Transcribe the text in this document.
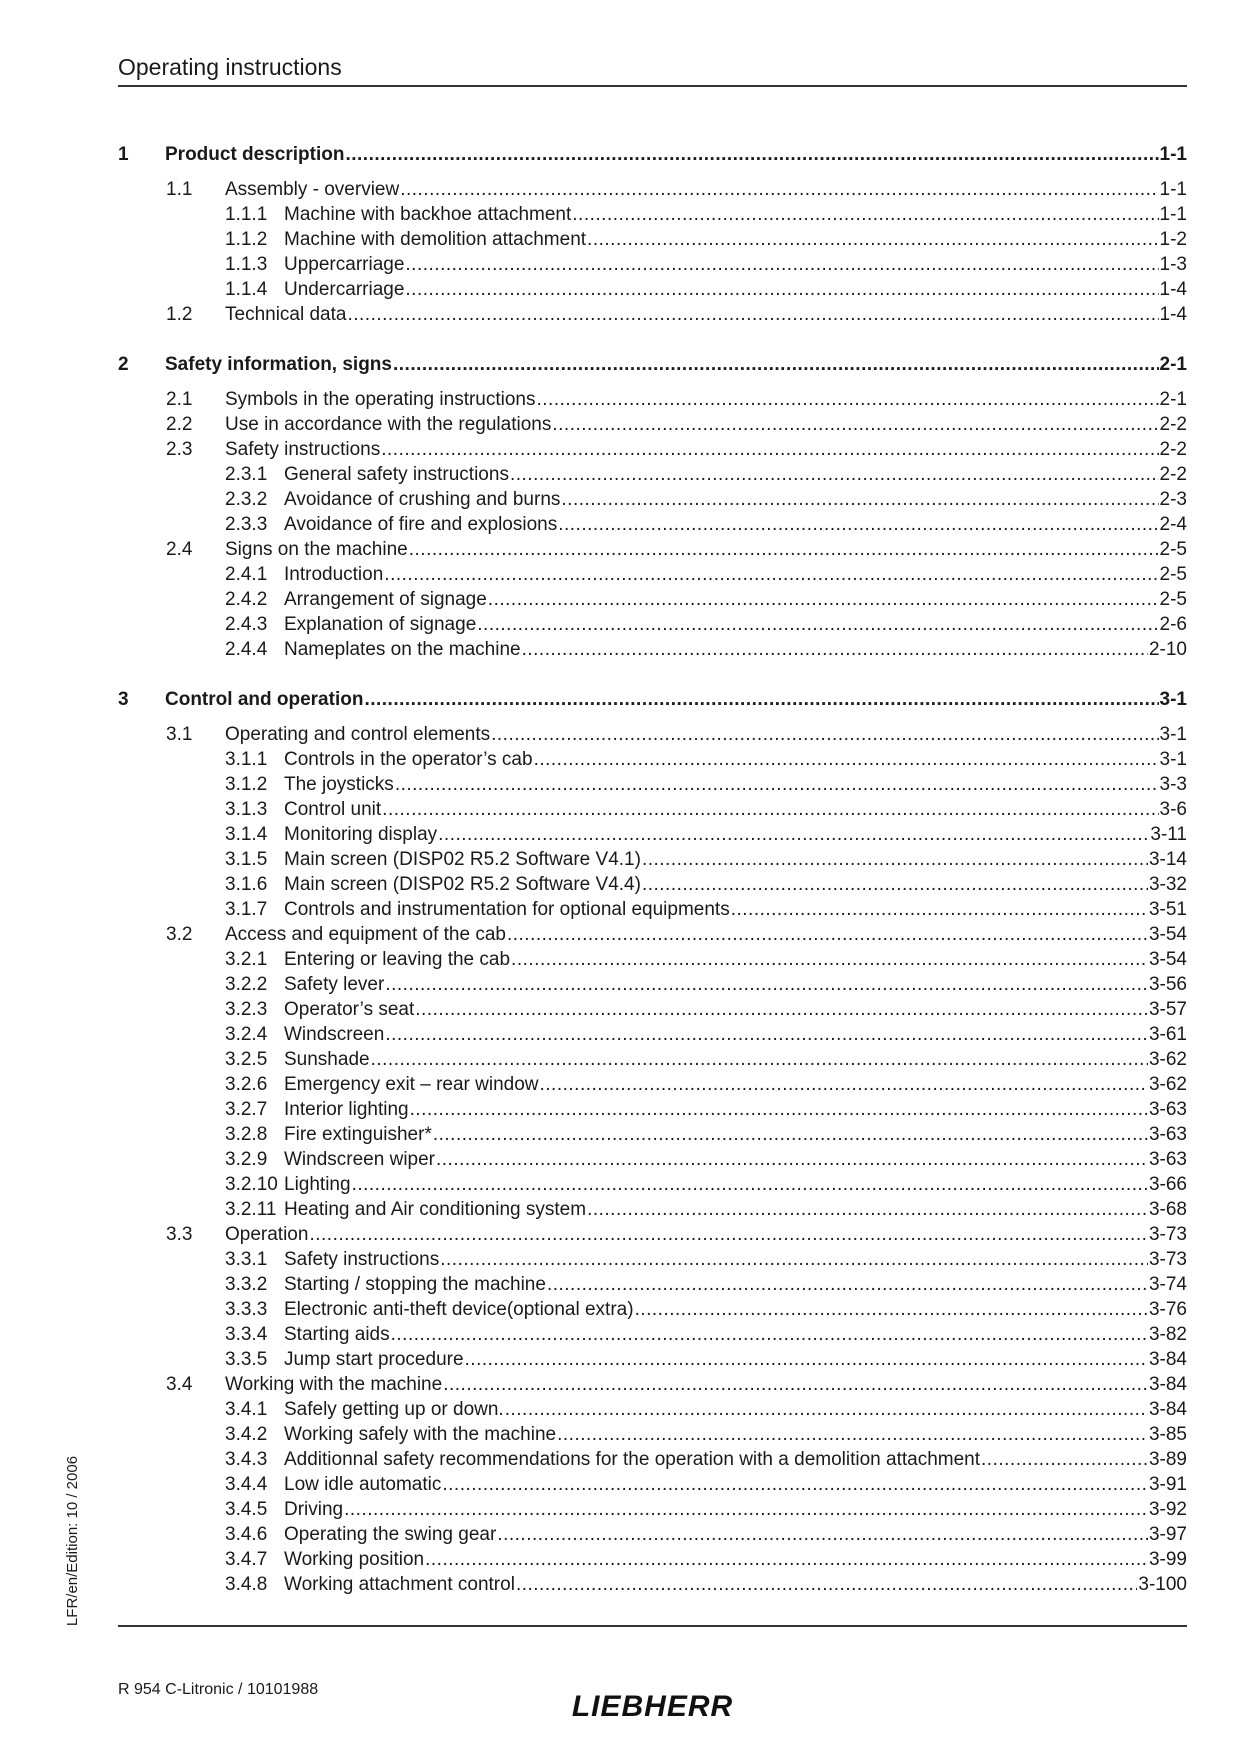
Operating instructions
1 Product description .....	1-1
1.1 Assembly - overview .....	1-1
1.1.1 Machine with backhoe attachment .....	1-1
1.1.2 Machine with demolition attachment .....	1-2
1.1.3 Uppercarriage .....	1-3
1.1.4 Undercarriage .....	1-4
1.2 Technical data .....	1-4
2 Safety information, signs .....	2-1
2.1 Symbols in the operating instructions .....	2-1
2.2 Use in accordance with the regulations .....	2-2
2.3 Safety instructions .....	2-2
2.3.1 General safety instructions .....	2-2
2.3.2 Avoidance of crushing and burns .....	2-3
2.3.3 Avoidance of fire and explosions .....	2-4
2.4 Signs on the machine .....	2-5
2.4.1 Introduction .....	2-5
2.4.2 Arrangement of signage .....	2-5
2.4.3 Explanation of signage .....	2-6
2.4.4 Nameplates on the machine .....	2-10
3 Control and operation .....	3-1
3.1 Operating and control elements .....	3-1
3.1.1 Controls in the operator’s cab .....	3-1
3.1.2 The joysticks .....	3-3
3.1.3 Control unit .....	3-6
3.1.4 Monitoring display .....	3-11
3.1.5 Main screen (DISP02 R5.2 Software V4.1) .....	3-14
3.1.6 Main screen (DISP02 R5.2 Software V4.4) .....	3-32
3.1.7 Controls and instrumentation for optional equipments .....	3-51
3.2 Access and equipment of the cab .....	3-54
3.2.1 Entering or leaving the cab .....	3-54
3.2.2 Safety lever .....	3-56
3.2.3 Operator’s seat .....	3-57
3.2.4 Windscreen .....	3-61
3.2.5 Sunshade .....	3-62
3.2.6 Emergency exit – rear window .....	3-62
3.2.7 Interior lighting .....	3-63
3.2.8 Fire extinguisher* .....	3-63
3.2.9 Windscreen wiper .....	3-63
3.2.10 Lighting .....	3-66
3.2.11 Heating and Air conditioning system .....	3-68
3.3 Operation .....	3-73
3.3.1 Safety instructions .....	3-73
3.3.2 Starting / stopping the machine .....	3-74
3.3.3 Electronic anti-theft device(optional extra) .....	3-76
3.3.4 Starting aids .....	3-82
3.3.5 Jump start procedure .....	3-84
3.4 Working with the machine .....	3-84
3.4.1 Safely getting up or down. .....	3-84
3.4.2 Working safely with the machine .....	3-85
3.4.3 Additionnal safety recommendations for the operation with a demolition attachment .....	3-89
3.4.4 Low idle automatic .....	3-91
3.4.5 Driving .....	3-92
3.4.6 Operating the swing gear .....	3-97
3.4.7 Working position .....	3-99
3.4.8 Working attachment control .....	3-100
R 954 C-Litronic / 10101988
LFR/en/Edition: 10 / 2006
LIEBHERR
